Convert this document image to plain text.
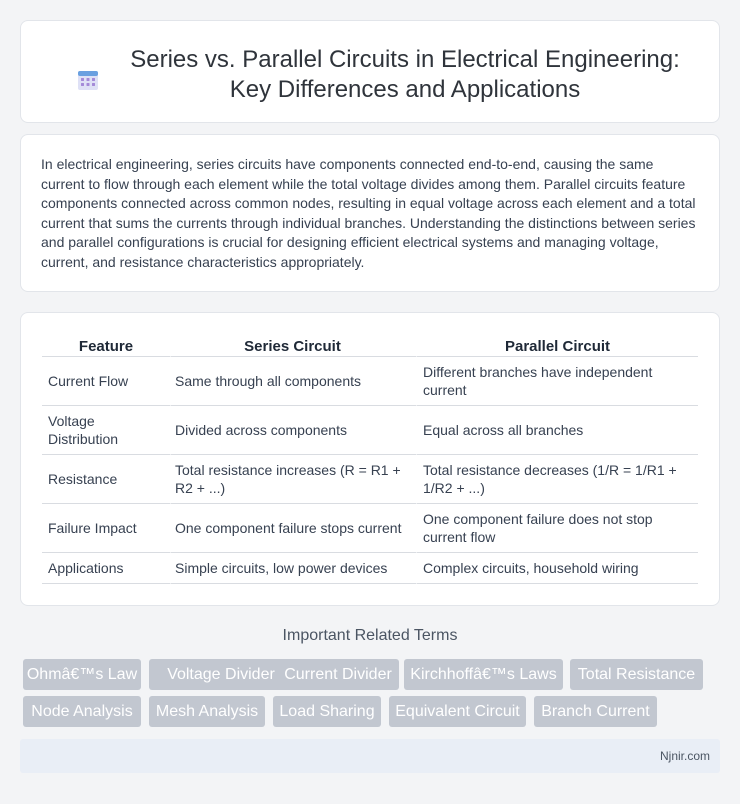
Series vs. Parallel Circuits in Electrical Engineering: Key Differences and Applications

In electrical engineering, series circuits have components connected end-to-end, causing the same current to flow through each element while the total voltage divides among them. Parallel circuits feature components connected across common nodes, resulting in equal voltage across each element and a total current that sums the currents through individual branches. Understanding the distinctions between series and parallel configurations is crucial for designing efficient electrical systems and managing voltage, current, and resistance characteristics appropriately.

Feature	Series Circuit	Parallel Circuit
Current Flow	Same through all components	Different branches have independent current
Voltage Distribution	Divided across components	Equal across all branches
Resistance	Total resistance increases (R = R1 + R2 + ...)	Total resistance decreases (1/R = 1/R1 + 1/R2 + ...)
Failure Impact	One component failure stops current	One component failure does not stop current flow
Applications	Simple circuits, low power devices	Complex circuits, household wiring
Important Related Terms
Ohmâ€™s Law	Voltage Divider Current Divider	Kirchhoffâ€™s Laws	Total Resistance
Node Analysis	Mesh Analysis	Load Sharing	Equivalent Circuit	Branch Current
Njnir.com
